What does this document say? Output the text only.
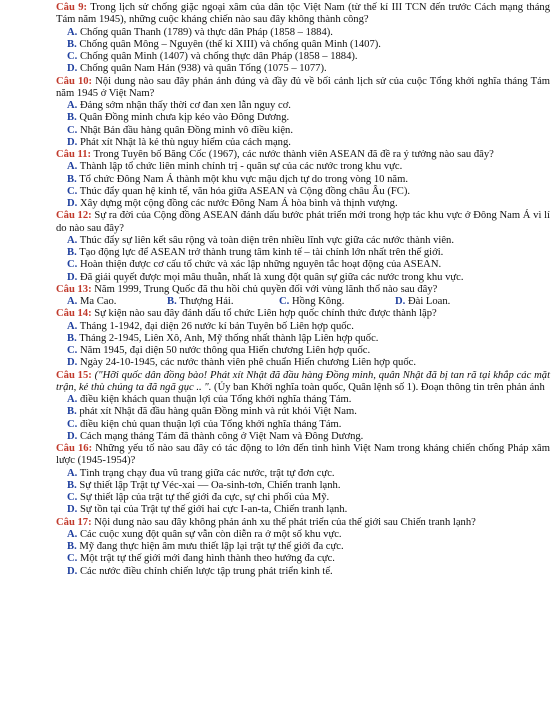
Câu 9: Trong lịch sử chống giặc ngoại xâm của dân tộc Việt Nam (từ thế kỉ III TCN đến trước Cách mạng tháng Tám năm 1945), những cuộc kháng chiến nào sau đây không thành công?
A. Chống quân Thanh (1789) và thực dân Pháp (1858 – 1884).
B. Chống quân Mông – Nguyên (thế kỉ XIII) và chống quân Minh (1407).
C. Chống quân Minh (1407) và chống thực dân Pháp (1858 – 1884).
D. Chống quân Nam Hán (938) và quân Tống (1075 – 1077).
Câu 10: Nội dung nào sau đây phản ánh đúng và đầy đủ về bối cảnh lịch sử của cuộc Tổng khởi nghĩa tháng Tám năm 1945 ở Việt Nam?
A. Đảng sớm nhận thấy thời cơ đan xen lẫn nguy cơ.
B. Quân Đồng minh chưa kịp kéo vào Đông Dương.
C. Nhật Bản đầu hàng quân Đồng minh vô điều kiện.
D. Phát xít Nhật là kẻ thù nguy hiểm của cách mạng.
Câu 11: Trong Tuyên bố Băng Cốc (1967), các nước thành viên ASEAN đã đề ra ý tưởng nào sau đây?
A. Thành lập tổ chức liên minh chính trị - quân sự của các nước trong khu vực.
B. Tổ chức Đông Nam Á thành một khu vực mậu dịch tự do trong vòng 10 năm.
C. Thúc đẩy quan hệ kinh tế, văn hóa giữa ASEAN và Cộng đồng châu Âu (FC).
D. Xây dựng một cộng đồng các nước Đông Nam Á hòa bình và thịnh vượng.
Câu 12: Sự ra đời của Cộng đồng ASEAN đánh dấu bước phát triển mới trong hợp tác khu vực ở Đông Nam Á vì lí do nào sau đây?
A. Thúc đẩy sự liên kết sâu rộng và toàn diện trên nhiều lĩnh vực giữa các nước thành viên.
B. Tạo động lực để ASEAN trở thành trung tâm kinh tế – tài chính lớn nhất trên thế giới.
C. Hoàn thiện được cơ cấu tổ chức và xác lập những nguyên tắc hoạt động của ASEAN.
D. Đã giải quyết được mọi mâu thuẫn, nhất là xung đột quân sự giữa các nước trong khu vực.
Câu 13: Năm 1999, Trung Quốc đã thu hồi chủ quyền đối với vùng lãnh thổ nào sau đây?
A. Ma Cao.	B. Thượng Hải.	C. Hồng Kông.	D. Đài Loan.
Câu 14: Sự kiện nào sau đây đánh dấu tổ chức Liên hợp quốc chính thức được thành lập?
A. Tháng 1-1942, đại diện 26 nước kí bản Tuyên bố Liên hợp quốc.
B. Tháng 2-1945, Liên Xô, Anh, Mỹ thống nhất thành lập Liên hợp quốc.
C. Năm 1945, đại diện 50 nước thông qua Hiến chương Liên hợp quốc.
D. Ngày 24-10-1945, các nước thành viên phê chuẩn Hiến chương Liên hợp quốc.
Câu 15: ("Hỡi quốc dân đồng bào! Phát xít Nhật đã đầu hàng Đồng minh, quân Nhật đã bị tan rã tại khắp các mặt trận, kẻ thù chúng ta đã ngã gục .. ". (Ủy ban Khởi nghĩa toàn quốc, Quân lệnh số 1). Đoạn thông tin trên phản ánh
A. điều kiện khách quan thuận lợi của Tổng khởi nghĩa tháng Tám.
B. phát xít Nhật đã đầu hàng quân Đồng minh và rút khỏi Việt Nam.
C. điều kiện chủ quan thuận lợi của Tổng khởi nghĩa tháng Tám.
D. Cách mạng tháng Tám đã thành công ở Việt Nam và Đông Dương.
Câu 16: Những yếu tố nào sau đây có tác động to lớn đến tình hình Việt Nam trong kháng chiến chống Pháp xâm lược (1945-1954)?
A. Tình trạng chạy đua vũ trang giữa các nước, trật tự đơn cực.
B. Sự thiết lập Trật tự Véc-xai — Oa-sinh-tơn, Chiến tranh lạnh.
C. Sự thiết lập của trật tự thế giới đa cực, sự chi phối của Mỹ.
D. Sự tồn tại của Trật tự thế giới hai cực I-an-ta, Chiến tranh lạnh.
Câu 17: Nội dung nào sau đây không phản ánh xu thế phát triển của thế giới sau Chiến tranh lạnh?
A. Các cuộc xung đột quân sự vẫn còn diễn ra ở một số khu vực.
B. Mỹ đang thực hiện âm mưu thiết lập lại trật tự thế giới đa cực.
C. Một trật tự thế giới mới đang hình thành theo hướng đa cực.
D. Các nước điều chỉnh chiến lược tập trung phát triển kinh tế.
